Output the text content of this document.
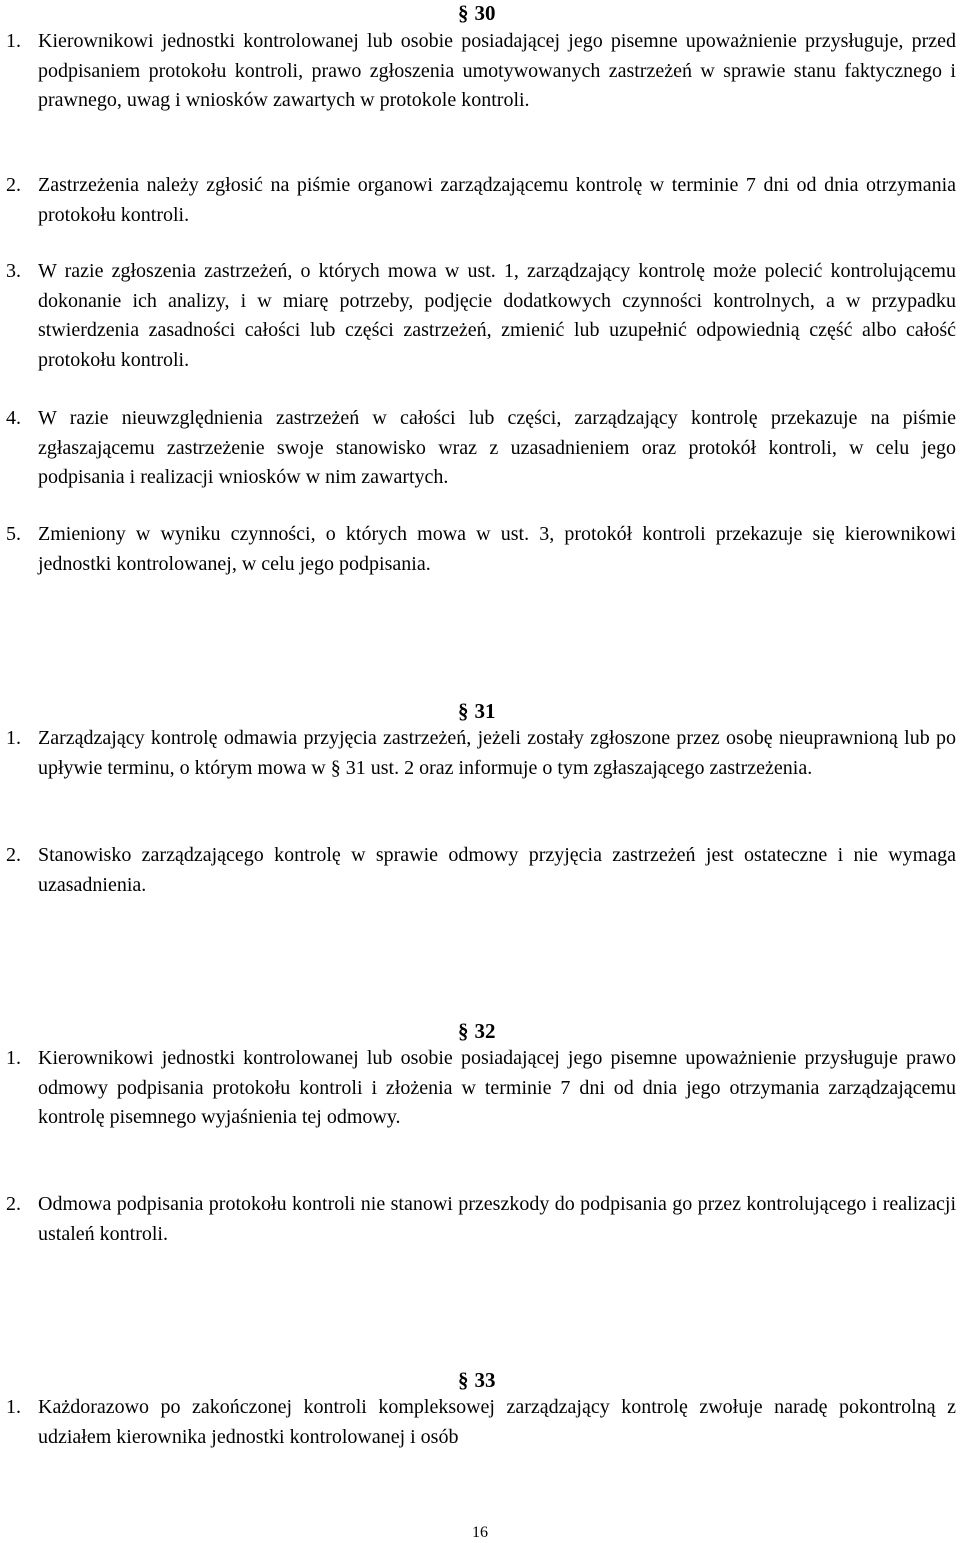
§ 30
1. Kierownikowi jednostki kontrolowanej lub osobie posiadającej jego pisemne upoważnienie przysługuje, przed podpisaniem protokołu kontroli, prawo zgłoszenia umotywowanych zastrzeżeń w sprawie stanu faktycznego i prawnego, uwag i wniosków zawartych w protokole kontroli.
2. Zastrzeżenia należy zgłosić na piśmie organowi zarządzającemu kontrolę w terminie 7 dni od dnia otrzymania protokołu kontroli.
3. W razie zgłoszenia zastrzeżeń, o których mowa w ust. 1, zarządzający kontrolę może polecić kontrolującemu dokonanie ich analizy, i w miarę potrzeby, podjęcie dodatkowych czynności kontrolnych, a w przypadku stwierdzenia zasadności całości lub części zastrzeżeń, zmienić lub uzupełnić odpowiednią część albo całość protokołu kontroli.
4. W razie nieuwzględnienia zastrzeżeń w całości lub części, zarządzający kontrolę przekazuje na piśmie zgłaszającemu zastrzeżenie swoje stanowisko wraz z uzasadnieniem oraz protokół kontroli, w celu jego podpisania i realizacji wniosków w nim zawartych.
5. Zmieniony w wyniku czynności, o których mowa w ust. 3, protokół kontroli przekazuje się kierownikowi jednostki kontrolowanej, w celu jego podpisania.
§ 31
1. Zarządzający kontrolę odmawia przyjęcia zastrzeżeń, jeżeli zostały zgłoszone przez osobę nieuprawnioną lub po upływie terminu, o którym mowa w § 31 ust. 2 oraz informuje o tym zgłaszającego zastrzeżenia.
2. Stanowisko zarządzającego kontrolę w sprawie odmowy przyjęcia zastrzeżeń jest ostateczne i nie wymaga uzasadnienia.
§ 32
1. Kierownikowi jednostki kontrolowanej lub osobie posiadającej jego pisemne upoważnienie przysługuje prawo odmowy podpisania protokołu kontroli i złożenia w terminie 7 dni od dnia jego otrzymania zarządzającemu kontrolę pisemnego wyjaśnienia tej odmowy.
2. Odmowa podpisania protokołu kontroli nie stanowi przeszkody do podpisania go przez kontrolującego i realizacji ustaleń kontroli.
§ 33
1. Każdorazowo po zakończonej kontroli kompleksowej zarządzający kontrolę zwołuje naradę pokontrolną z udziałem kierownika jednostki kontrolowanej i osób
16
